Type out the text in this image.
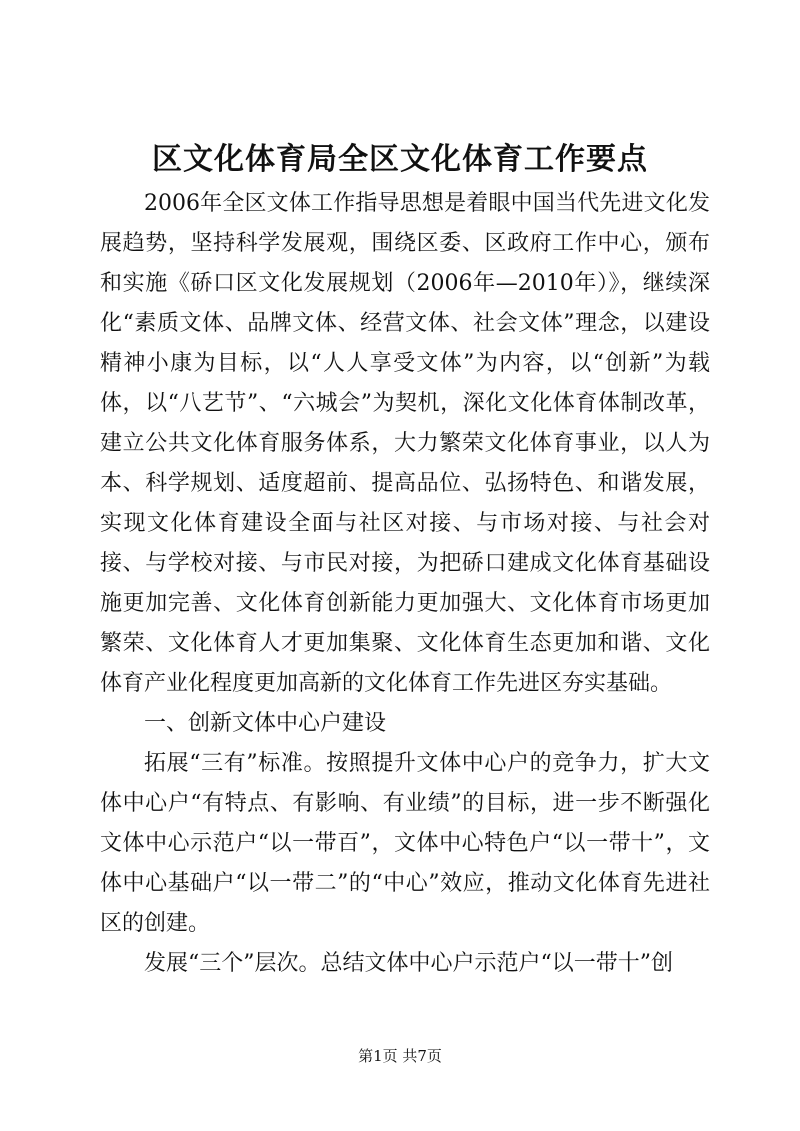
区文化体育局全区文化体育工作要点

2006年全区文体工作指导思想是着眼中国当代先进文化发展趋势，坚持科学发展观，围绕区委、区政府工作中心，颁布和实施《硚口区文化发展规划（2006年—2010年）》，继续深化“素质文体、品牌文体、经营文体、社会文体”理念，以建设精神小康为目标，以“人人享受文体”为内容，以“创新”为载体，以“八艺节”、“六城会”为契机，深化文化体育体制改革，建立公共文化体育服务体系，大力繁荣文化体育事业，以人为本、科学规划、适度超前、提高品位、弘扬特色、和谐发展，实现文化体育建设全面与社区对接、与市场对接、与社会对接、与学校对接、与市民对接，为把硚口建成文化体育基础设施更加完善、文化体育创新能力更加强大、文化体育市场更加繁荣、文化体育人才更加集聚、文化体育生态更加和谐、文化体育产业化程度更加高新的文化体育工作先进区夯实基础。

一、创新文体中心户建设

拓展“三有”标准。按照提升文体中心户的竞争力，扩大文体中心户“有特点、有影响、有业绩”的目标，进一步不断强化文体中心示范户“以一带百”，文体中心特色户“以一带十”，文体中心基础户“以一带二”的“中心”效应，推动文化体育先进社区的创建。

发展“三个”层次。总结文体中心户示范户“以一带十”创

第1页 共7页
